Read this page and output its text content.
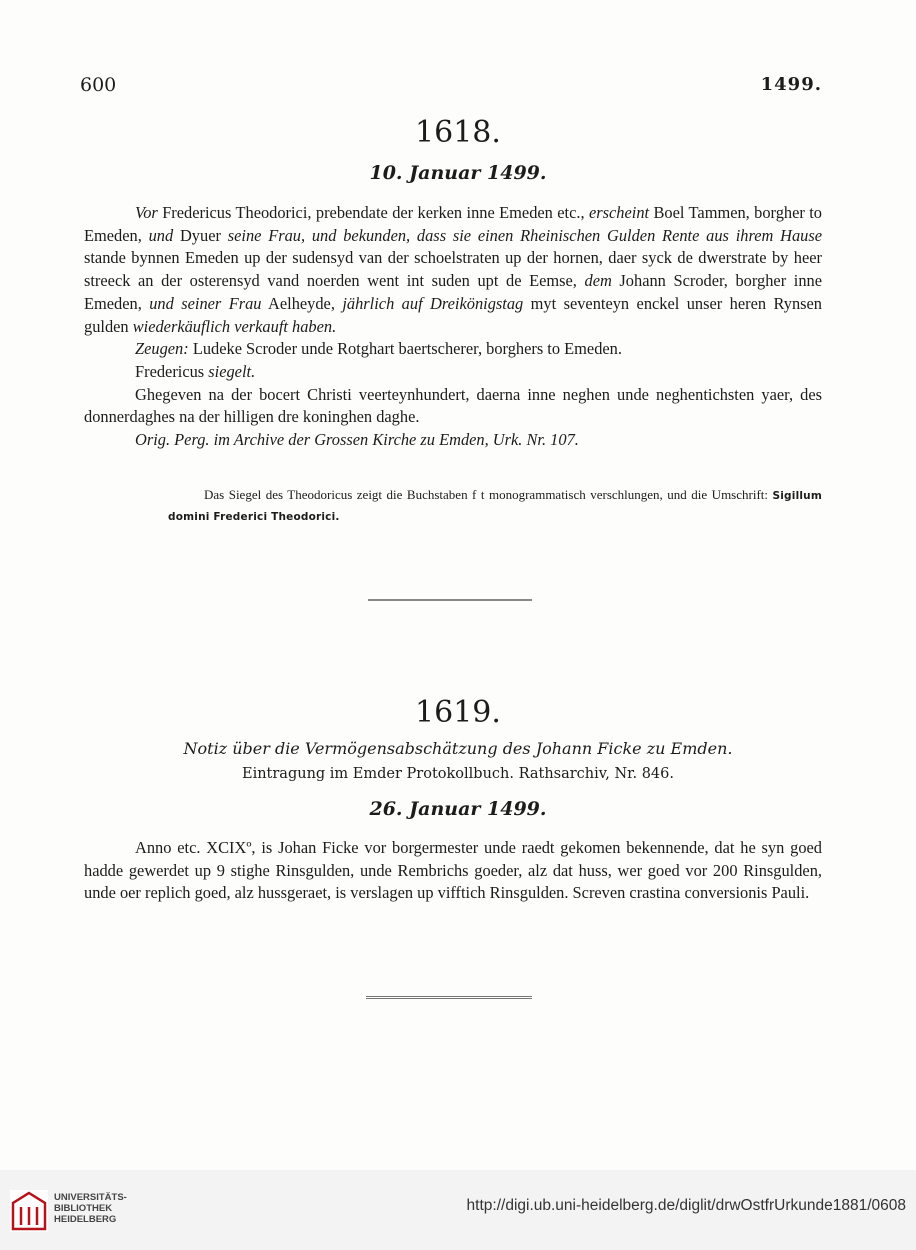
600	1499.
1618.
10. Januar 1499.

Vor Fredericus Theodorici, prebendate der kerken inne Emeden etc., erscheint Boel Tammen, borgher to Emeden, und Dyuer seine Frau, und bekunden, dass sie einen Rheinischen Gulden Rente aus ihrem Hause stande bynnen Emeden up der sudensyd van der schoelstraten up der hornen, daer syck de dwerstrate by heer streeck an der osterensyd vand noerden went int suden upt de Eemse, dem Johann Scroder, borgher inne Emeden, und seiner Frau Aelheyde, jährlich auf Dreikönigstag myt seventeyn enckel unser heren Rynsen gulden wiederkäuflich verkauft haben.

Zeugen: Ludeke Scroder unde Rotghart baertscherer, borghers to Emeden.

Fredericus siegelt.

Ghegeven na der bocert Christi veerteynhundert, daerna inne neghen unde neghentichsten yaer, des donnerdaghes na der hilligen dre koninghen daghe.

Orig. Perg. im Archive der Grossen Kirche zu Emden, Urk. Nr. 107.

Das Siegel des Theodoricus zeigt die Buchstaben f t monogrammatisch verschlungen, und die Umschrift: Sigillum domini Frederici Theodorici.

1619.
Notiz über die Vermögensabschätzung des Johann Ficke zu Emden.
Eintragung im Emder Protokollbuch. Rathsarchiv, Nr. 846.
26. Januar 1499.

Anno etc. XCIXº, is Johan Ficke vor borgermester unde raedt gekomen bekennende, dat he syn goed hadde gewerdet up 9 stighe Rinsgulden, unde Rembrichs goeder, alz dat huss, wer goed vor 200 Rinsgulden, unde oer replich goed, alz hussgeraet, is verslagen up vifftich Rinsgulden. Screven crastina conversionis Pauli.

UNIVERSITÄTS-
BIBLIOTHEK
HEIDELBERG
http://digi.ub.uni-heidelberg.de/diglit/drwOstfrUrkunde1881/0608
